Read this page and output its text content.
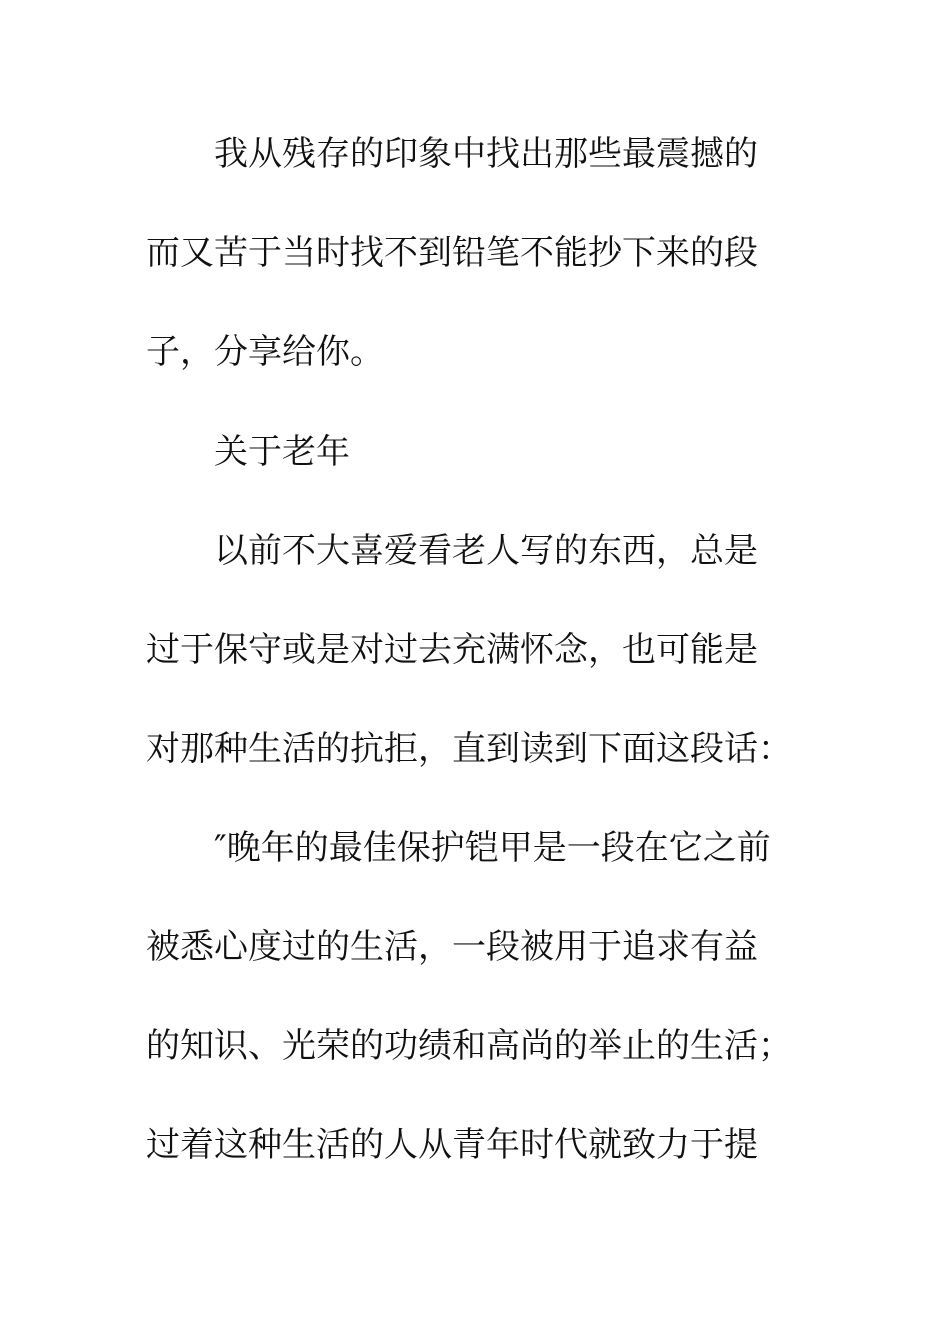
我从残存的印象中找出那些最震撼的
而又苦于当时找不到铅笔不能抄下来的段
子，分享给你。
关于老年
以前不大喜爱看老人写的东西，总是
过于保守或是对过去充满怀念，也可能是
对那种生活的抗拒，直到读到下面这段话：
″晚年的最佳保护铠甲是一段在它之前
被悉心度过的生活，一段被用于追求有益
的知识、光荣的功绩和高尚的举止的生活；
过着这种生活的人从青年时代就致力于提
